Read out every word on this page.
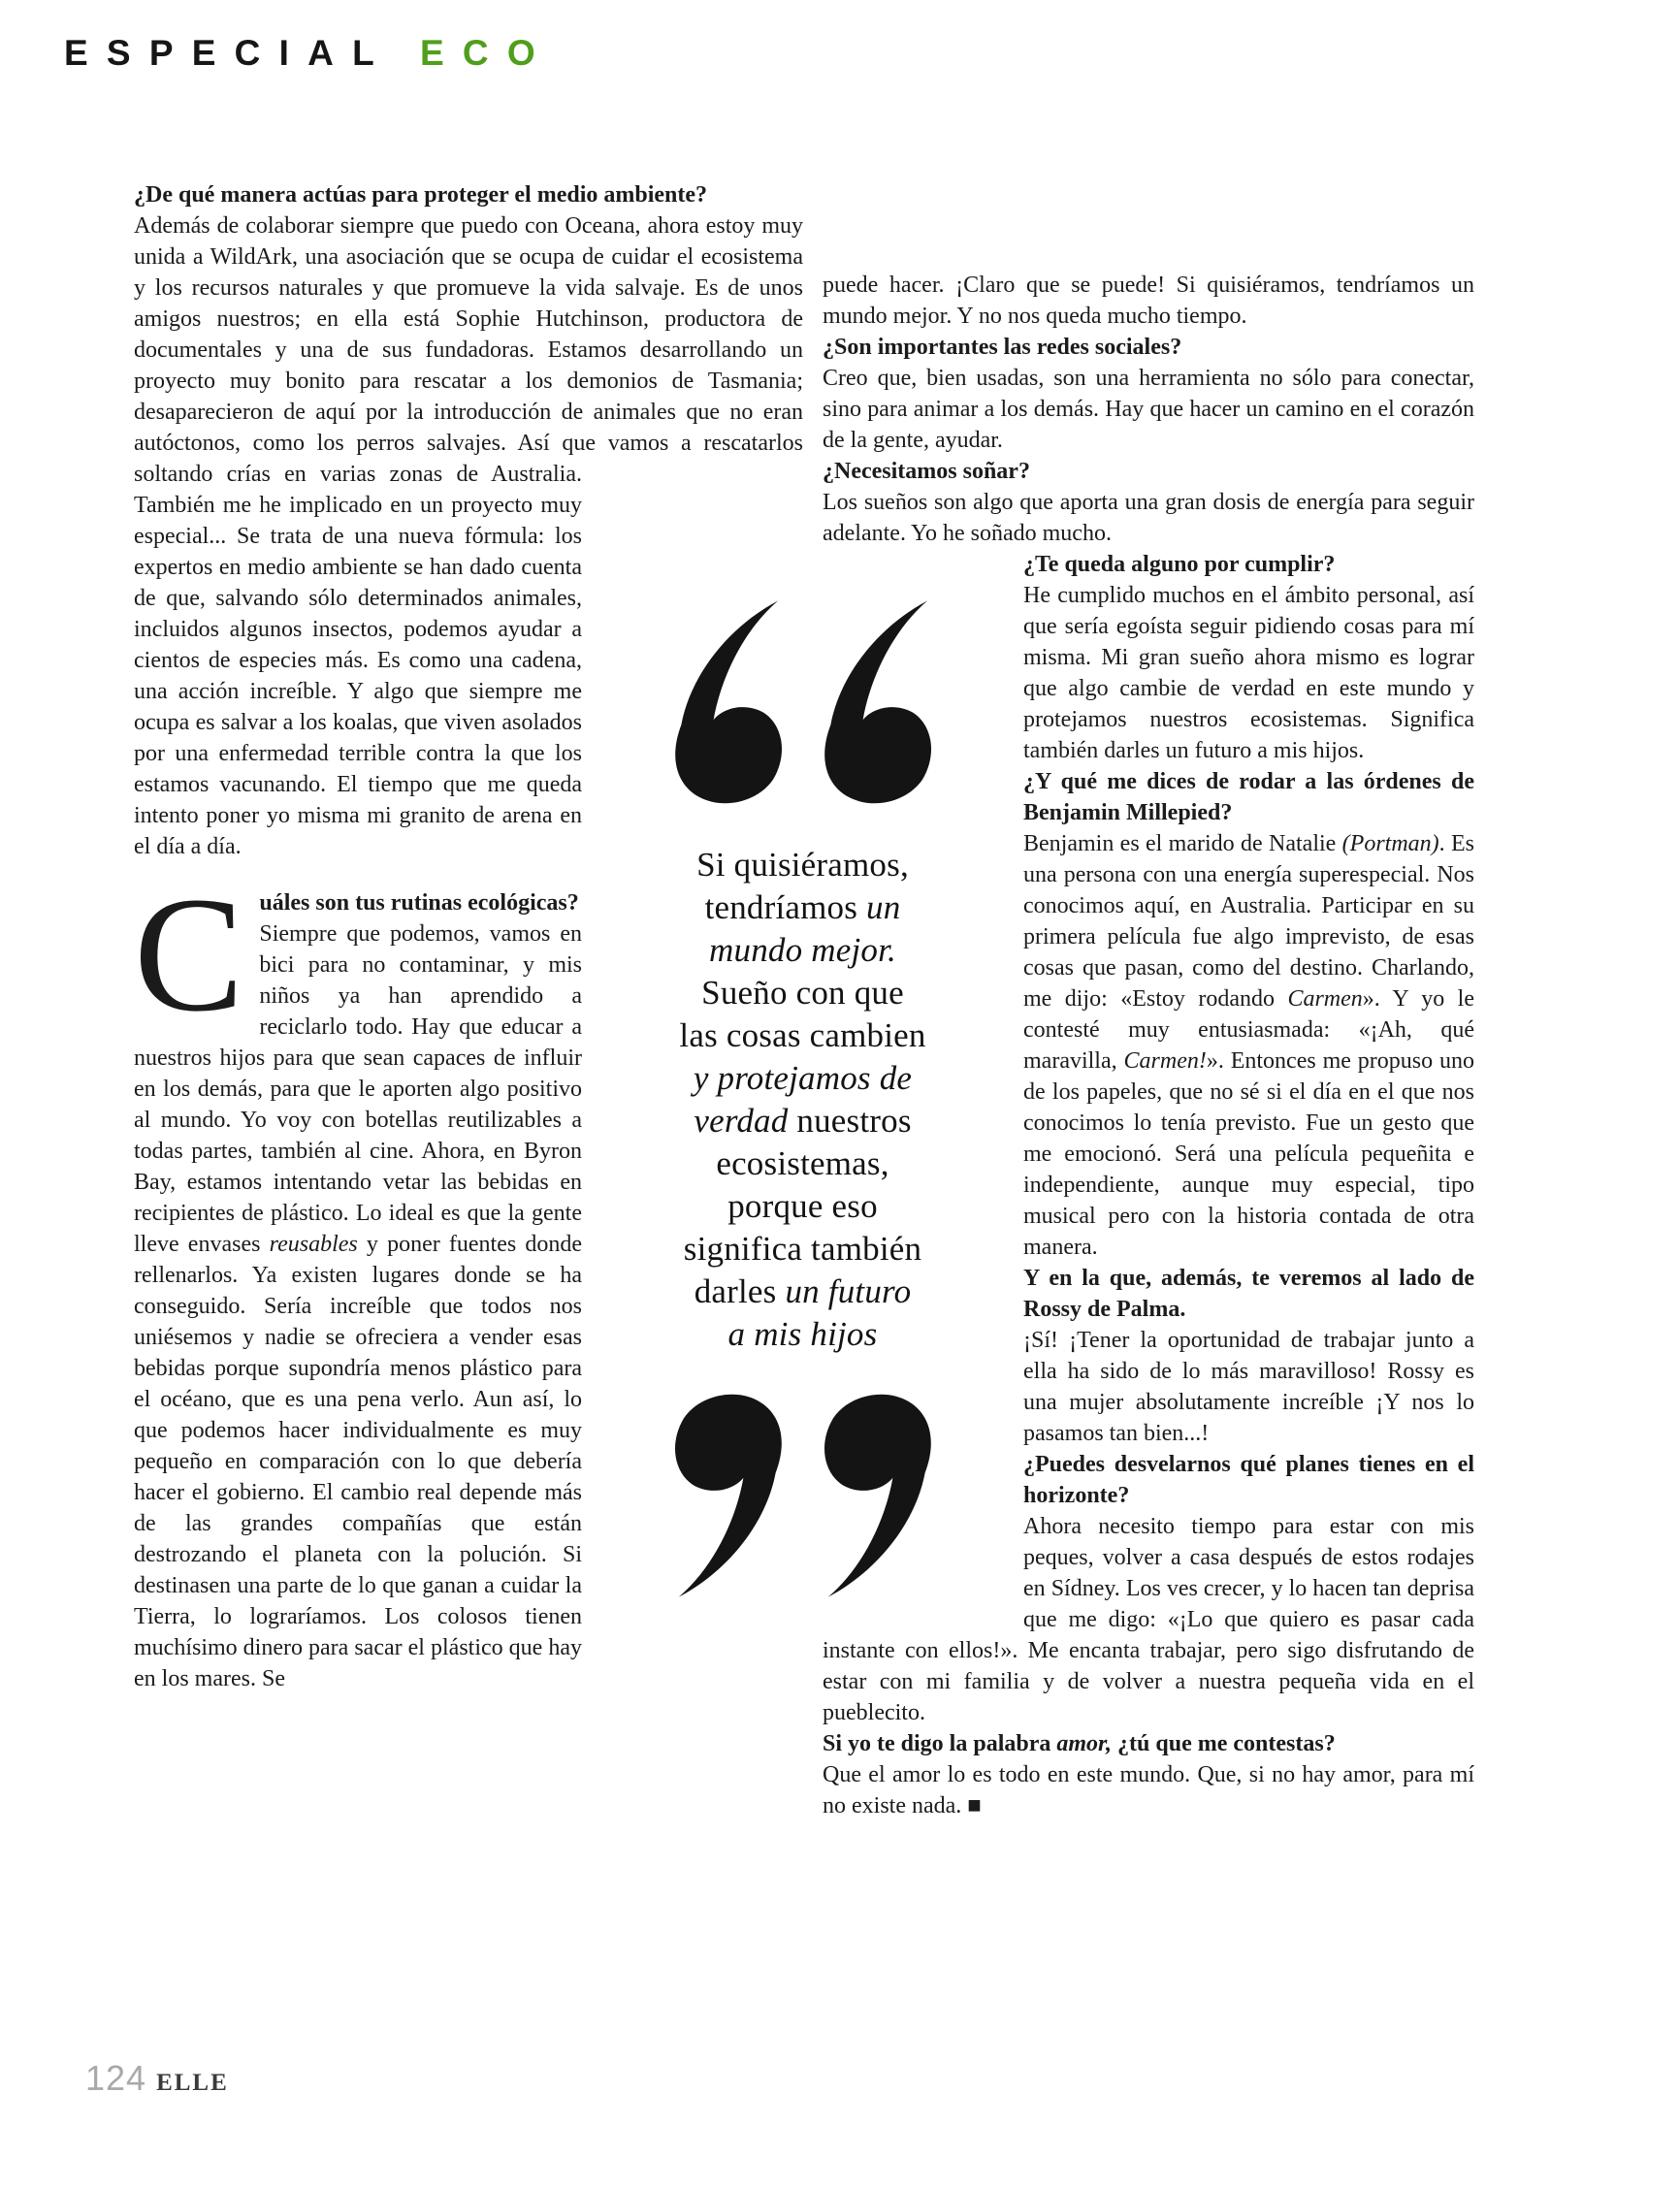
ESPECIAL ECO
¿De qué manera actúas para proteger el medio ambiente?
Además de colaborar siempre que puedo con Oceana, ahora estoy muy unida a WildArk, una asociación que se ocupa de cuidar el ecosistema y los recursos naturales y que promueve la vida salvaje. Es de unos amigos nuestros; en ella está Sophie Hutchinson, productora de documentales y una de sus fundadoras. Estamos desarrollando un proyecto muy bonito para rescatar a los demonios de Tasmania; desaparecieron de aquí por la introducción de animales que no eran autóctonos, como los perros salvajes. Así que vamos a rescatarlos soltando crías en varias zonas de Australia. También me he implicado en un proyecto muy especial... Se trata de una nueva fórmula: los expertos en medio ambiente se han dado cuenta de que, salvando sólo determinados animales, incluidos algunos insectos, podemos ayudar a cientos de especies más. Es como una cadena, una acción increíble. Y algo que siempre me ocupa es salvar a los koalas, que viven asolados por una enfermedad terrible contra la que los estamos vacunando. El tiempo que me queda intento poner yo misma mi granito de arena en el día a día.
C uáles son tus rutinas ecológicas?
Siempre que podemos, vamos en bici para no contaminar, y mis niños ya han aprendido a reciclarlo todo. Hay que educar a nuestros hijos para que sean capaces de influir en los demás, para que le aporten algo positivo al mundo. Yo voy con botellas reutilizables a todas partes, también al cine. Ahora, en Byron Bay, estamos intentando vetar las bebidas en recipientes de plástico. Lo ideal es que la gente lleve envases reusables y poner fuentes donde rellenarlos. Ya existen lugares donde se ha conseguido. Sería increíble que todos nos uniésemos y nadie se ofreciera a vender esas bebidas porque supondría menos plástico para el océano, que es una pena verlo. Aun así, lo que podemos hacer individualmente es muy pequeño en comparación con lo que debería hacer el gobierno. El cambio real depende más de las grandes compañías que están destrozando el planeta con la polución. Si destinasen una parte de lo que ganan a cuidar la Tierra, lo lograríamos. Los colosos tienen muchísimo dinero para sacar el plástico que hay en los mares. Se
puede hacer. ¡Claro que se puede! Si quisiéramos, tendríamos un mundo mejor. Y no nos queda mucho tiempo.
¿Son importantes las redes sociales?
Creo que, bien usadas, son una herramienta no sólo para conectar, sino para animar a los demás. Hay que hacer un camino en el corazón de la gente, ayudar.
¿Necesitamos soñar?
Los sueños son algo que aporta una gran dosis de energía para seguir adelante. Yo he soñado mucho.
¿Te queda alguno por cumplir?
He cumplido muchos en el ámbito personal, así que sería egoísta seguir pidiendo cosas para mí misma. Mi gran sueño ahora mismo es lograr que algo cambie de verdad en este mundo y protejamos nuestros ecosistemas. Significa también darles un futuro a mis hijos.
¿Y qué me dices de rodar a las órdenes de Benjamin Millepied?
Benjamin es el marido de Natalie (Portman). Es una persona con una energía superespecial. Nos conocimos aquí, en Australia. Participar en su primera película fue algo imprevisto, de esas cosas que pasan, como del destino. Charlando, me dijo: «Estoy rodando Carmen». Y yo le contesté muy entusiasmada: «¡Ah, qué maravilla, Carmen!». Entonces me propuso uno de los papeles, que no sé si el día en el que nos conocimos lo tenía previsto. Fue un gesto que me emocionó. Será una película pequeñita e independiente, aunque muy especial, tipo musical pero con la historia contada de otra manera.
Y en la que, además, te veremos al lado de Rossy de Palma.
¡Sí! ¡Tener la oportunidad de trabajar junto a ella ha sido de lo más maravilloso! Rossy es una mujer absolutamente increíble ¡Y nos lo pasamos tan bien...!
¿Puedes desvelarnos qué planes tienes en el horizonte?
Ahora necesito tiempo para estar con mis peques, volver a casa después de estos rodajes en Sídney. Los ves crecer, y lo hacen tan deprisa que me digo: «¡Lo que quiero es pasar cada instante con ellos!». Me encanta trabajar, pero sigo disfrutando de estar con mi familia y de volver a nuestra pequeña vida en el pueblecito.
Si yo te digo la palabra amor, ¿tú que me contestas?
Que el amor lo es todo en este mundo. Que, si no hay amor, para mí no existe nada. ■
Si quisiéramos,
tendríamos un
mundo mejor.
Sueño con que
las cosas cambien
y protejamos de
verdad nuestros
ecosistemas,
porque eso
significa también
darles un futuro
a mis hijos
124 ELLE
